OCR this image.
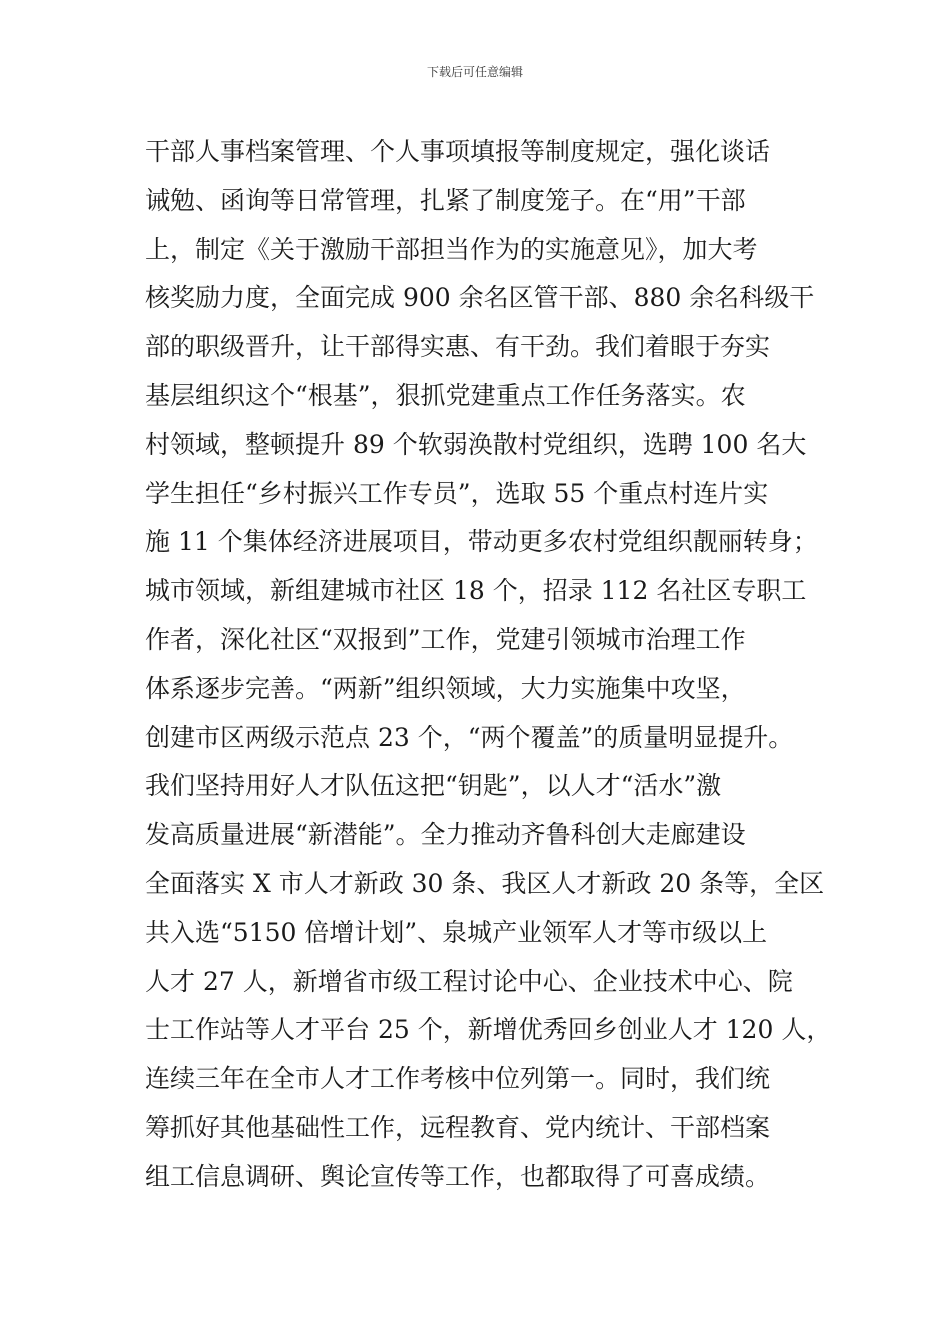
下载后可任意编辑
干部人事档案管理、个人事项填报等制度规定，强化谈话
诫勉、函询等日常管理，扎紧了制度笼子。在“用”干部
上，制定《关于激励干部担当作为的实施意见》，加大考
核奖励力度，全面完成 900 余名区管干部、880 余名科级干
部的职级晋升，让干部得实惠、有干劲。我们着眼于夯实
基层组织这个“根基”，狠抓党建重点工作任务落实。农
村领域，整顿提升 89 个软弱涣散村党组织，选聘 100 名大
学生担任“乡村振兴工作专员”，选取 55 个重点村连片实
施 11 个集体经济进展项目，带动更多农村党组织靓丽转身；
城市领域，新组建城市社区 18 个，招录 112 名社区专职工
作者，深化社区“双报到”工作，党建引领城市治理工作
体系逐步完善。“两新”组织领域，大力实施集中攻坚，
创建市区两级示范点 23 个，“两个覆盖”的质量明显提升。
我们坚持用好人才队伍这把“钥匙”，以人才“活水”激
发高质量进展“新潜能”。全力推动齐鲁科创大走廊建设
全面落实 X 市人才新政 30 条、我区人才新政 20 条等，全区
共入选“5150 倍增计划”、泉城产业领军人才等市级以上
人才 27 人，新增省市级工程讨论中心、企业技术中心、院
士工作站等人才平台 25 个，新增优秀回乡创业人才 120 人，
连续三年在全市人才工作考核中位列第一。同时，我们统
筹抓好其他基础性工作，远程教育、党内统计、干部档案
组工信息调研、舆论宣传等工作，也都取得了可喜成绩。
